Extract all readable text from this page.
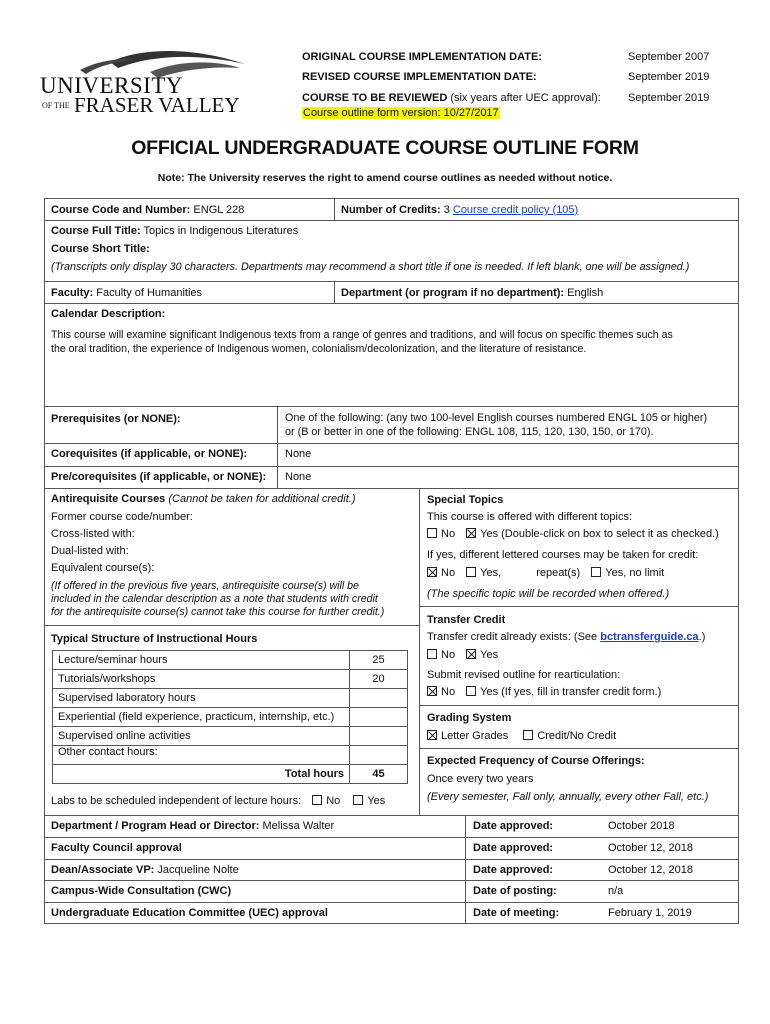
UNIVERSITY
OF THE FRASER VALLEY
ORIGINAL COURSE IMPLEMENTATION DATE:	September 2007
REVISED COURSE IMPLEMENTATION DATE:	September 2019
COURSE TO BE REVIEWED (six years after UEC approval): September 2019
Course outline form version: 10/27/2017
OFFICIAL UNDERGRADUATE COURSE OUTLINE FORM
Note: The University reserves the right to amend course outlines as needed without notice.
Course Code and Number: ENGL 228	Number of Credits: 3 Course credit policy (105)
Course Full Title: Topics in Indigenous Literatures
Course Short Title:
(Transcripts only display 30 characters. Departments may recommend a short title if one is needed. If left blank, one will be assigned.)
Faculty: Faculty of Humanities	Department (or program if no department): English
Calendar Description:
This course will examine significant Indigenous texts from a range of genres and traditions, and will focus on specific themes such as
the oral tradition, the experience of Indigenous women, colonialism/decolonization, and the literature of resistance.
Prerequisites (or NONE):	One of the following: (any two 100-level English courses numbered ENGL 105 or higher)
or (B or better in one of the following: ENGL 108, 115, 120, 130, 150, or 170).
Corequisites (if applicable, or NONE):	None
Pre/corequisites (if applicable, or NONE): None
Antirequisite Courses (Cannot be taken for additional credit.)
Former course code/number:
Cross-listed with:
Dual-listed with:
Equivalent course(s):
(If offered in the previous five years, antirequisite course(s) will be
included in the calendar description as a note that students with credit
for the antirequisite course(s) cannot take this course for further credit.)
Typical Structure of Instructional Hours
Lecture/seminar hours	25
Tutorials/workshops	20
Supervised laboratory hours	
Experiential (field experience, practicum, internship, etc.)	
Supervised online activities	
Other contact hours:	
Total hours	45
Labs to be scheduled independent of lecture hours: No Yes
Special Topics
This course is offered with different topics:
No Yes (Double-click on box to select it as checked.)
If yes, different lettered courses may be taken for credit:
No Yes,	repeat(s) Yes, no limit
(The specific topic will be recorded when offered.)
Transfer Credit
Transfer credit already exists: (See bctransferguide.ca.)
No Yes
Submit revised outline for rearticulation:
No Yes (If yes, fill in transfer credit form.)
Grading System
Letter Grades	Credit/No Credit
Expected Frequency of Course Offerings:
Once every two years
(Every semester, Fall only, annually, every other Fall, etc.)
Department / Program Head or Director: Melissa Walter	Date approved:	October 2018
Faculty Council approval	Date approved:	October 12, 2018
Dean/Associate VP: Jacqueline Nolte	Date approved:	October 12, 2018
Campus-Wide Consultation (CWC)	Date of posting:	n/a
Undergraduate Education Committee (UEC) approval	Date of meeting:	February 1, 2019
